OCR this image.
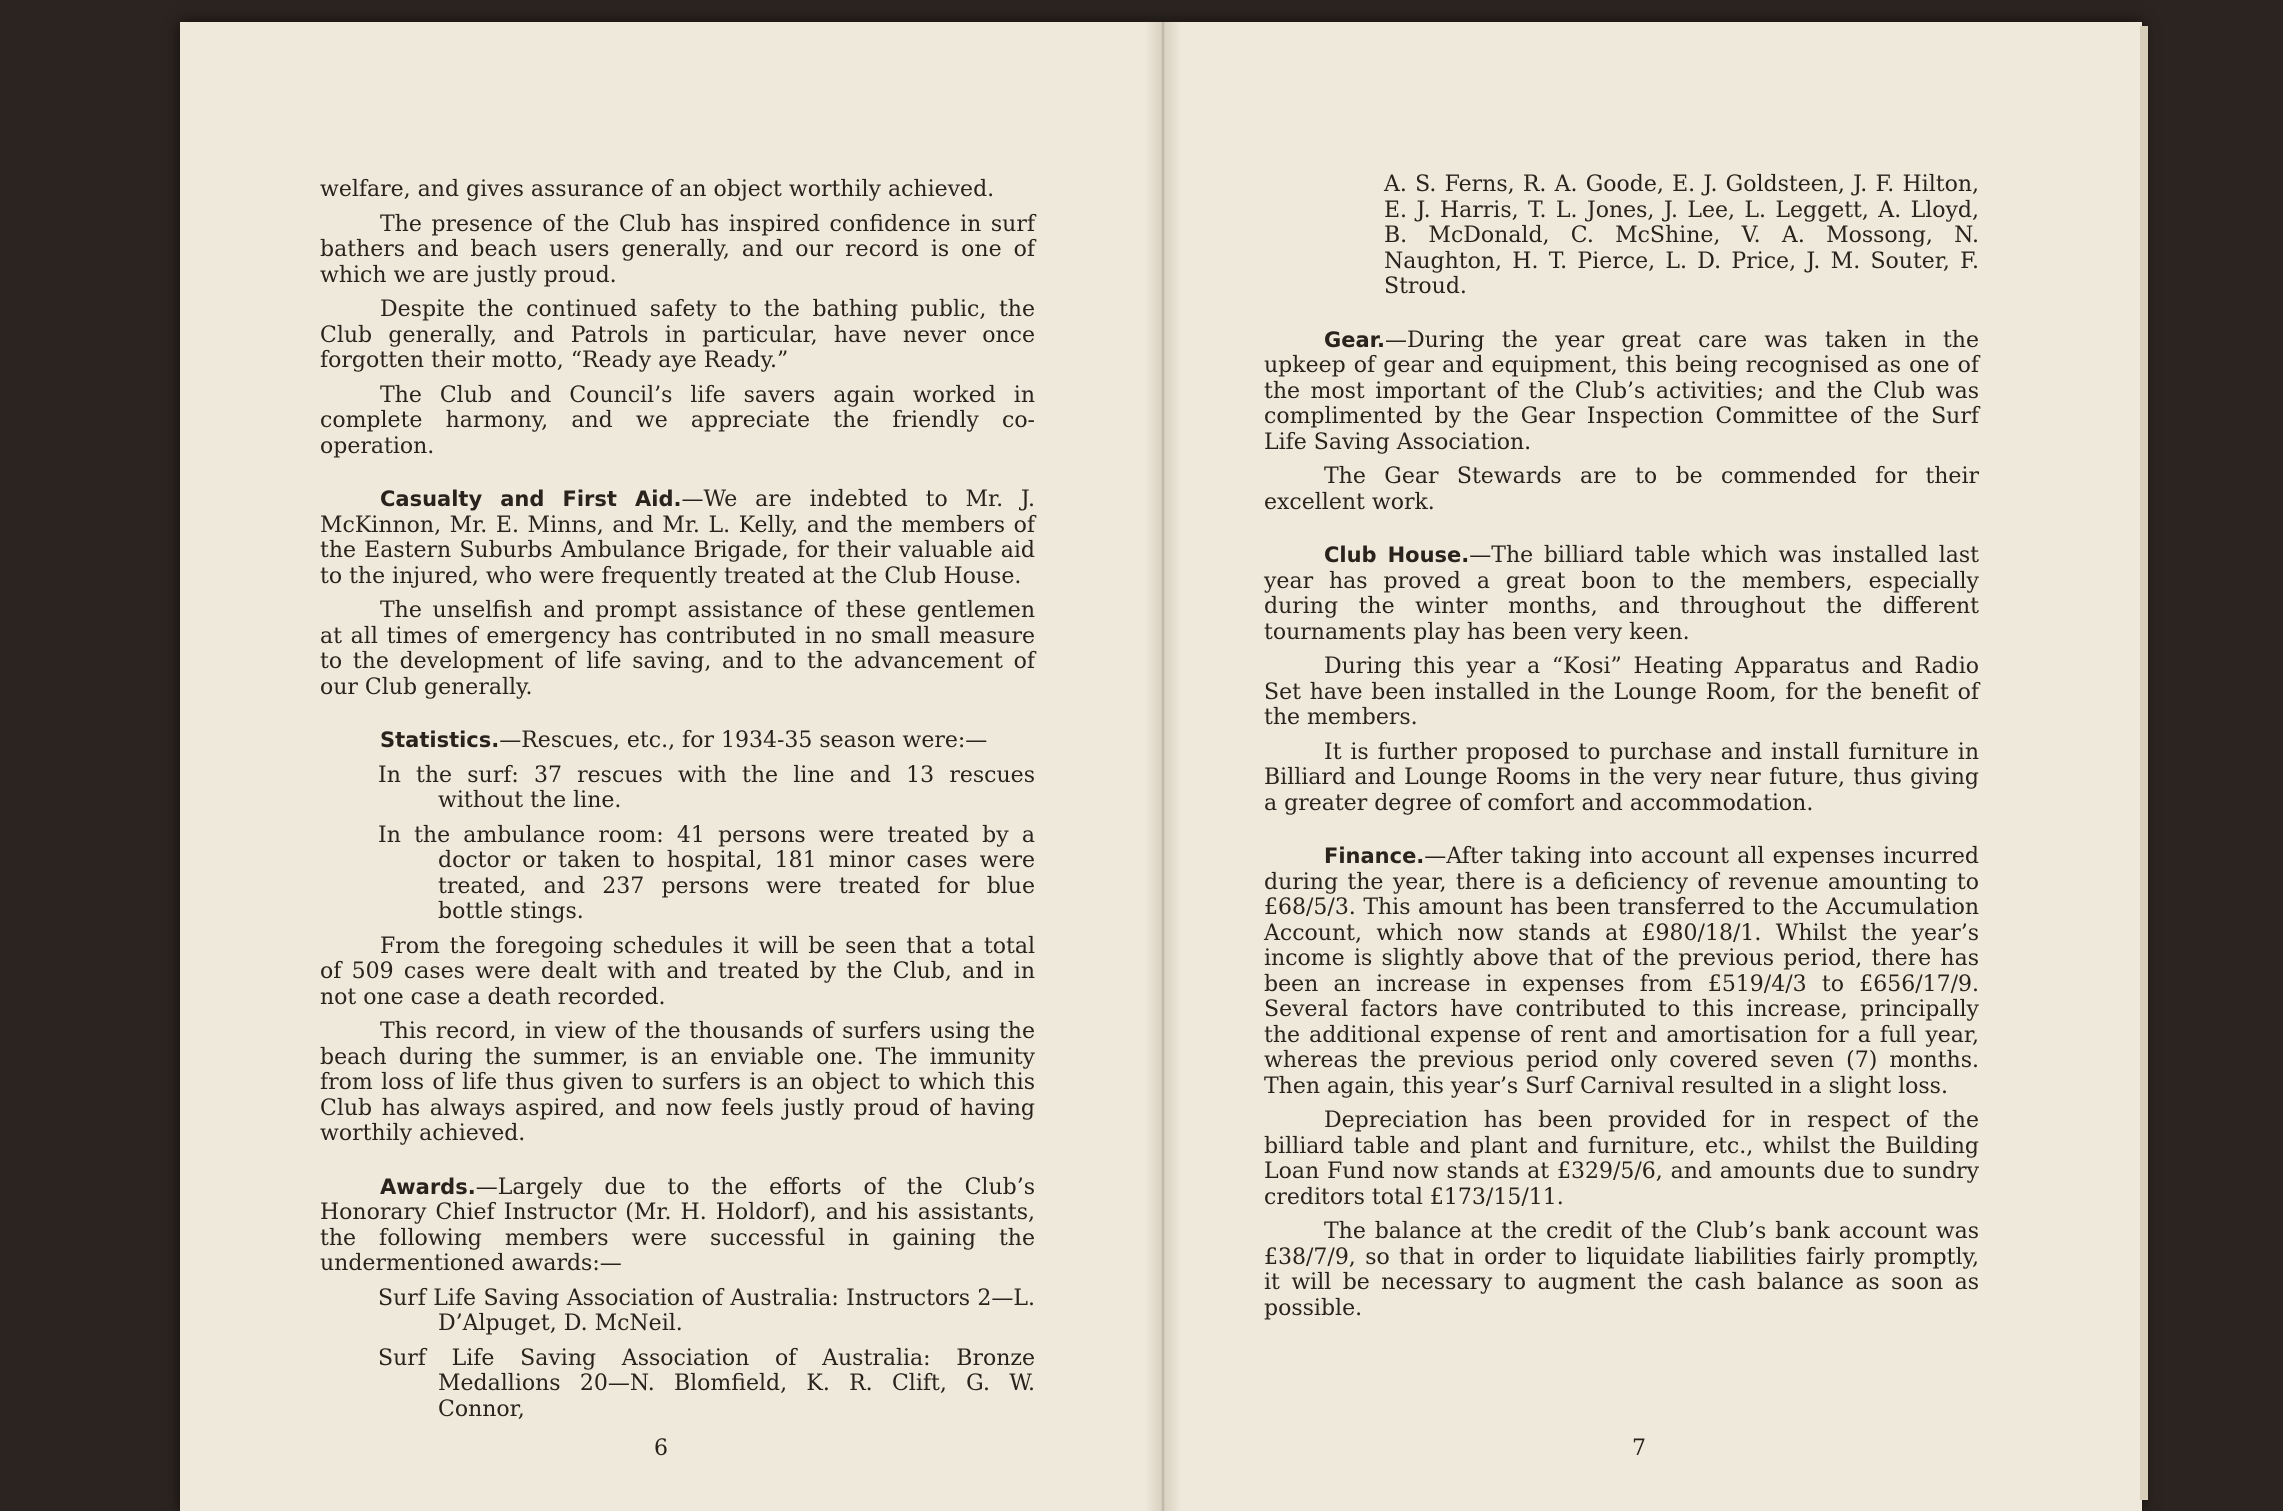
welfare, and gives assurance of an object worthily achieved.

The presence of the Club has inspired confidence in surf bathers and beach users generally, and our record is one of which we are justly proud.

Despite the continued safety to the bathing public, the Club generally, and Patrols in particular, have never once forgotten their motto, “Ready aye Ready.”

The Club and Council’s life savers again worked in complete harmony, and we appreciate the friendly co-operation.

Casualty and First Aid.—We are indebted to Mr. J. McKinnon, Mr. E. Minns, and Mr. L. Kelly, and the members of the Eastern Suburbs Ambulance Brigade, for their valuable aid to the injured, who were frequently treated at the Club House.

The unselfish and prompt assistance of these gentlemen at all times of emergency has contributed in no small measure to the development of life saving, and to the advancement of our Club generally.

Statistics.—Rescues, etc., for 1934-35 season were:—

In the surf: 37 rescues with the line and 13 rescues without the line.

In the ambulance room: 41 persons were treated by a doctor or taken to hospital, 181 minor cases were treated, and 237 persons were treated for blue bottle stings.

From the foregoing schedules it will be seen that a total of 509 cases were dealt with and treated by the Club, and in not one case a death recorded.

This record, in view of the thousands of surfers using the beach during the summer, is an enviable one. The immunity from loss of life thus given to surfers is an object to which this Club has always aspired, and now feels justly proud of having worthily achieved.

Awards.—Largely due to the efforts of the Club’s Honorary Chief Instructor (Mr. H. Holdorf), and his assistants, the following members were successful in gaining the undermentioned awards:—

Surf Life Saving Association of Australia: Instructors 2—L. D’Alpuget, D. McNeil.

Surf Life Saving Association of Australia: Bronze Medallions 20—N. Blomfield, K. R. Clift, G. W. Connor,

6

A. S. Ferns, R. A. Goode, E. J. Goldsteen, J. F. Hilton, E. J. Harris, T. L. Jones, J. Lee, L. Leggett, A. Lloyd, B. McDonald, C. McShine, V. A. Mossong, N. Naughton, H. T. Pierce, L. D. Price, J. M. Souter, F. Stroud.

Gear.—During the year great care was taken in the upkeep of gear and equipment, this being recognised as one of the most important of the Club’s activities; and the Club was complimented by the Gear Inspection Committee of the Surf Life Saving Association.

The Gear Stewards are to be commended for their excellent work.

Club House.—The billiard table which was installed last year has proved a great boon to the members, especially during the winter months, and throughout the different tournaments play has been very keen.

During this year a “Kosi” Heating Apparatus and Radio Set have been installed in the Lounge Room, for the benefit of the members.

It is further proposed to purchase and install furniture in Billiard and Lounge Rooms in the very near future, thus giving a greater degree of comfort and accommodation.

Finance.—After taking into account all expenses incurred during the year, there is a deficiency of revenue amounting to £68/5/3. This amount has been transferred to the Accumulation Account, which now stands at £980/18/1. Whilst the year’s income is slightly above that of the previous period, there has been an increase in expenses from £519/4/3 to £656/17/9. Several factors have contributed to this increase, principally the additional expense of rent and amortisation for a full year, whereas the previous period only covered seven (7) months. Then again, this year’s Surf Carnival resulted in a slight loss.

Depreciation has been provided for in respect of the billiard table and plant and furniture, etc., whilst the Building Loan Fund now stands at £329/5/6, and amounts due to sundry creditors total £173/15/11.

The balance at the credit of the Club’s bank account was £38/7/9, so that in order to liquidate liabilities fairly promptly, it will be necessary to augment the cash balance as soon as possible.

7
